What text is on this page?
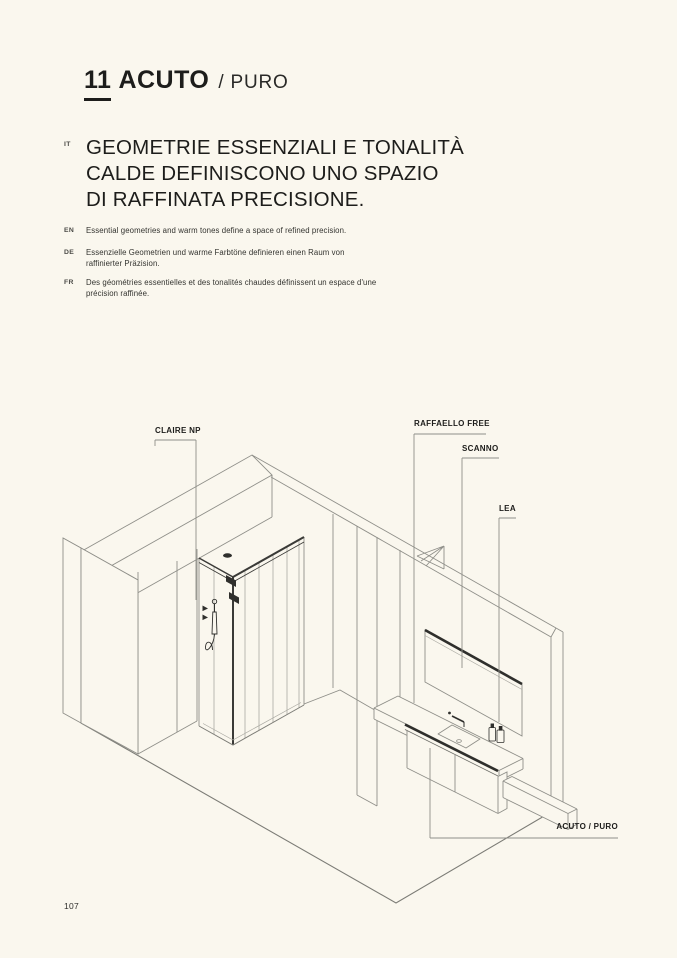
11 ACUTO / PURO
IT GEOMETRIE ESSENZIALI E TONALITÀ
CALDE DEFINISCONO UNO SPAZIO
DI RAFFINATA PRECISIONE.
EN Essential geometries and warm tones define a space of refined precision.
DE Essenzielle Geometrien und warme Farbtöne definieren einen Raum von raffinierter Präzision.
FR Des géométries essentielles et des tonalités chaudes définissent un espace d'une précision raffinée.
CLAIRE NP
RAFFAELLO FREE
SCANNO
LEA
ACUTO / PURO
107
